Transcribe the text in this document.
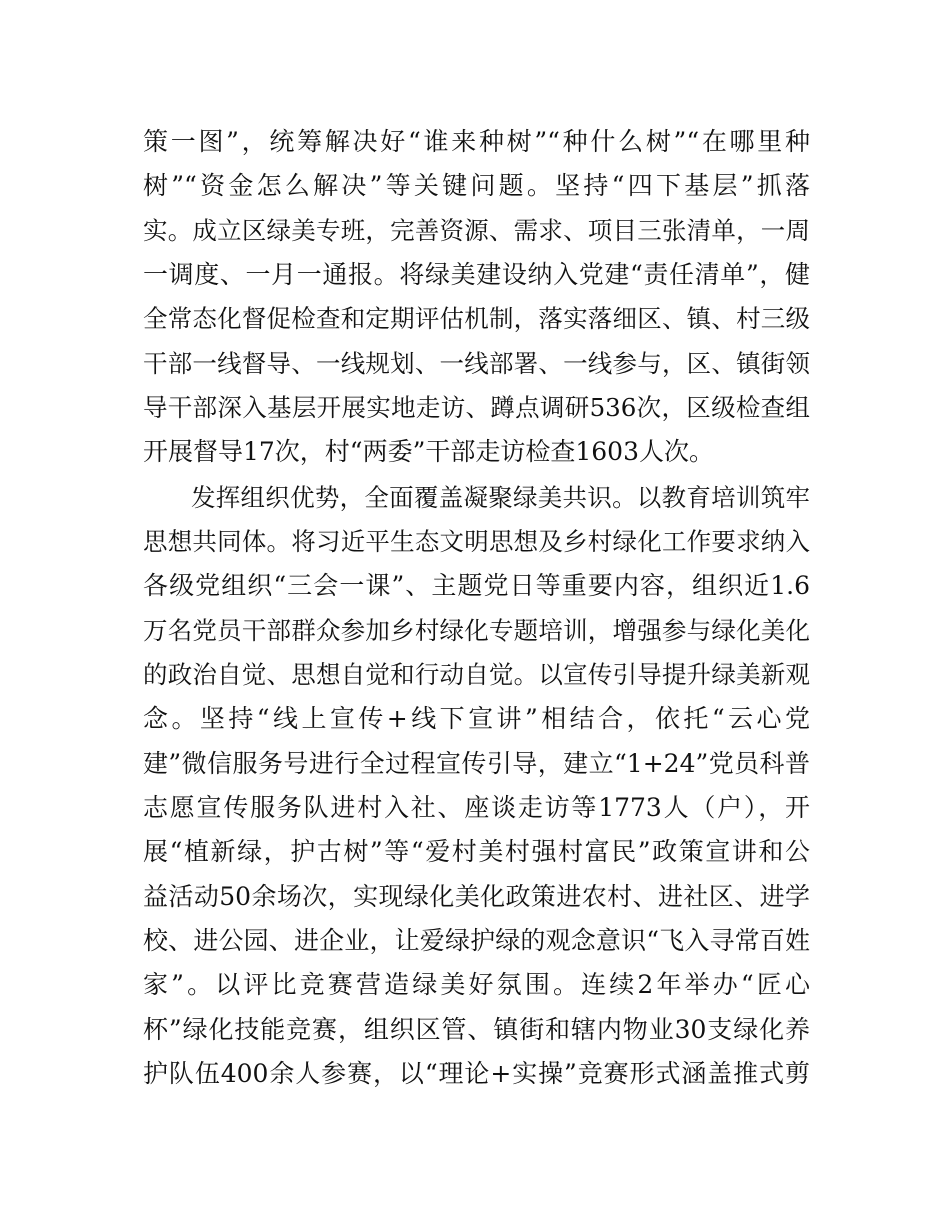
策一图”，统筹解决好“谁来种树”“种什么树”“在哪里种
树”“资金怎么解决”等关键问题。坚持“四下基层”抓落
实。成立区绿美专班，完善资源、需求、项目三张清单，一周
一调度、一月一通报。将绿美建设纳入党建“责任清单”，健
全常态化督促检查和定期评估机制，落实落细区、镇、村三级
干部一线督导、一线规划、一线部署、一线参与，区、镇街领
导干部深入基层开展实地走访、蹲点调研536次，区级检查组
开展督导17次，村“两委”干部走访检查1603人次。
发挥组织优势，全面覆盖凝聚绿美共识。以教育培训筑牢
思想共同体。将习近平生态文明思想及乡村绿化工作要求纳入
各级党组织“三会一课”、主题党日等重要内容，组织近1.6
万名党员干部群众参加乡村绿化专题培训，增强参与绿化美化
的政治自觉、思想自觉和行动自觉。以宣传引导提升绿美新观
念。坚持“线上宣传+线下宣讲”相结合，依托“云心党
建”微信服务号进行全过程宣传引导，建立“1+24”党员科普
志愿宣传服务队进村入社、座谈走访等1773人（户），开
展“植新绿，护古树”等“爱村美村强村富民”政策宣讲和公
益活动50余场次，实现绿化美化政策进农村、进社区、进学
校、进公园、进企业，让爱绿护绿的观念意识“飞入寻常百姓
家”。以评比竞赛营造绿美好氛围。连续2年举办“匠心
杯”绿化技能竞赛，组织区管、镇街和辖内物业30支绿化养
护队伍400余人参赛，以“理论+实操”竞赛形式涵盖推式剪
